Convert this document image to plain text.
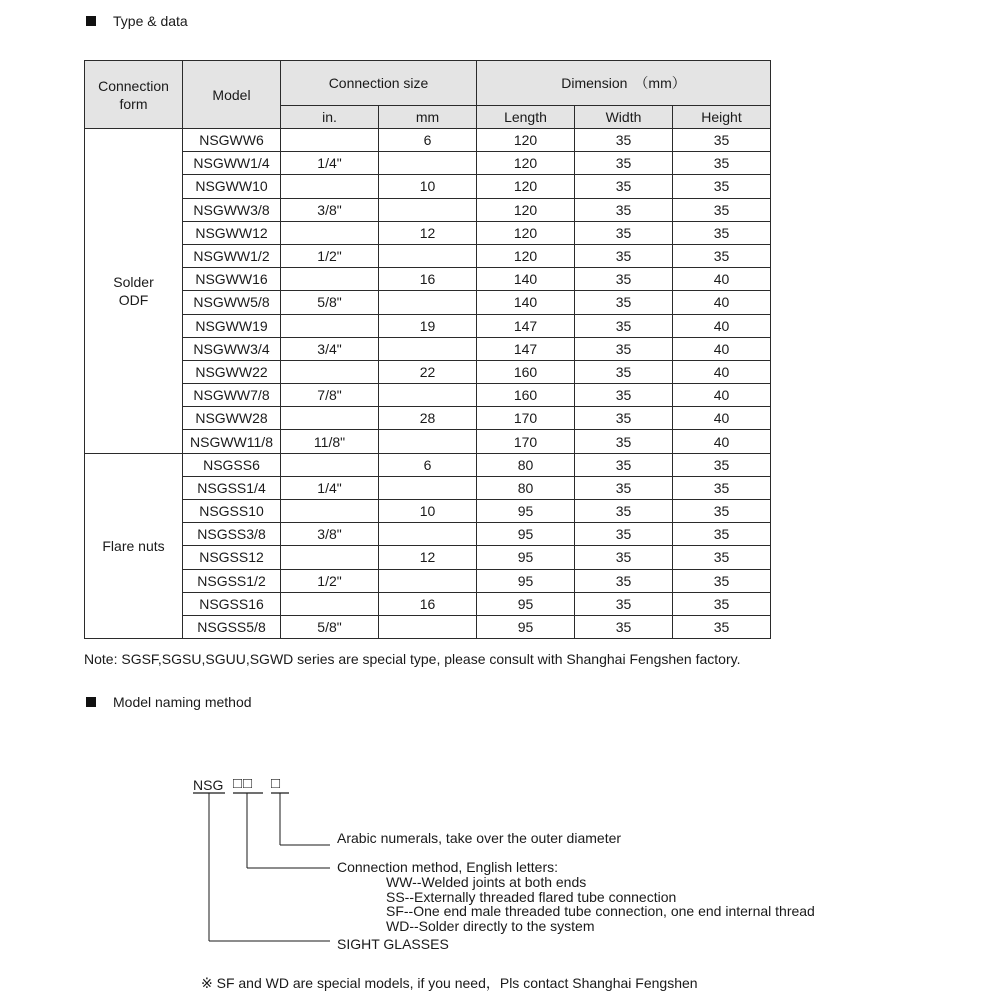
Type & data
Connection form	Model	Connection size		Dimension　（mm）		
		in.	mm	Length	Width	Height

Solder
ODF	NSGWW6		6	120	35	35
	NSGWW1/4	1/4"		120	35	35
	NSGWW10		10	120	35	35
	NSGWW3/8	3/8"		120	35	35
	NSGWW12		12	120	35	35
	NSGWW1/2	1/2"		120	35	35
	NSGWW16		16	140	35	40
	NSGWW5/8	5/8"		140	35	40
	NSGWW19		19	147	35	40
	NSGWW3/4	3/4"		147	35	40
	NSGWW22		22	160	35	40
	NSGWW7/8	7/8"		160	35	40
	NSGWW28		28	170	35	40
	NSGWW11/8	11/8"		170	35	40

Flare nuts	NSGSS6		6	80	35	35
	NSGSS1/4	1/4"		80	35	35
	NSGSS10		10	95	35	35
	NSGSS3/8	3/8"		95	35	35
	NSGSS12		12	95	35	35
	NSGSS1/2	1/2"		95	35	35
	NSGSS16		16	95	35	35
	NSGSS5/8	5/8"		95	35	35
Note: SGSF,SGSU,SGUU,SGWD series are special type, please consult with Shanghai Fengshen factory.
Model naming method
NSG □□ □
Arabic numerals, take over the outer diameter
Connection method, English letters:
WW--Welded joints at both ends
SS--Externally threaded flared tube connection
SF--One end male threaded tube connection, one end internal thread
WD--Solder directly to the system
SIGHT GLASSES
※ SF and WD are special models, if you need，Pls contact Shanghai Fengshen
